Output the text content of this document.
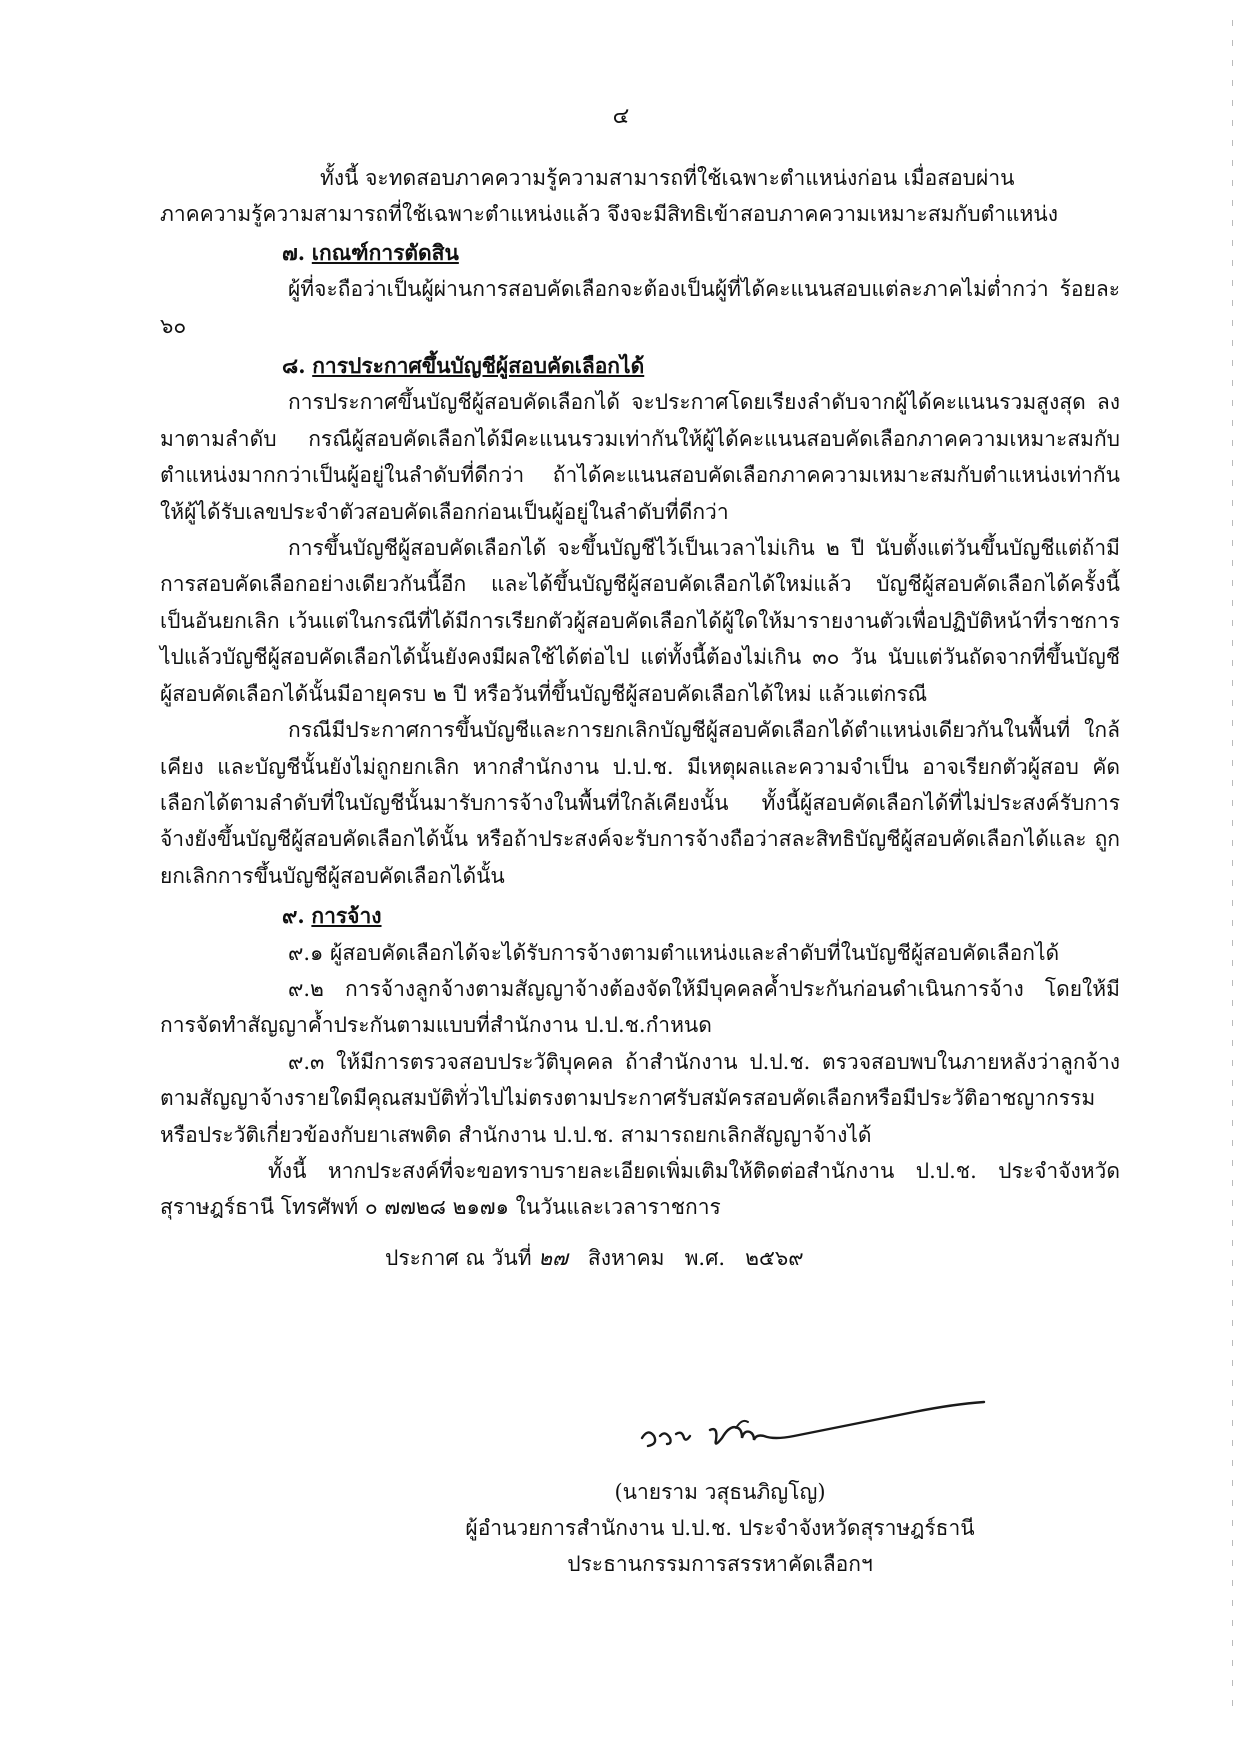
๔

ทั้งนี้ จะทดสอบภาคความรู้ความสามารถที่ใช้เฉพาะตำแหน่งก่อน เมื่อสอบผ่าน

ภาคความรู้ความสามารถที่ใช้เฉพาะตำแหน่งแล้ว จึงจะมีสิทธิเข้าสอบภาคความเหมาะสมกับตำแหน่ง

๗. เกณฑ์การตัดสิน

ผู้ที่จะถือว่าเป็นผู้ผ่านการสอบคัดเลือกจะต้องเป็นผู้ที่ได้คะแนนสอบแต่ละภาคไม่ต่ำกว่า ร้อยละ ๖๐

๘. การประกาศขึ้นบัญชีผู้สอบคัดเลือกได้

การประกาศขึ้นบัญชีผู้สอบคัดเลือกได้ จะประกาศโดยเรียงลำดับจากผู้ได้คะแนนรวมสูงสุด ลงมาตามลำดับ กรณีผู้สอบคัดเลือกได้มีคะแนนรวมเท่ากันให้ผู้ได้คะแนนสอบคัดเลือกภาคความเหมาะสมกับตำแหน่งมากกว่าเป็นผู้อยู่ในลำดับที่ดีกว่า ถ้าได้คะแนนสอบคัดเลือกภาคความเหมาะสมกับตำแหน่งเท่ากัน ให้ผู้ได้รับเลขประจำตัวสอบคัดเลือกก่อนเป็นผู้อยู่ในลำดับที่ดีกว่า

การขึ้นบัญชีผู้สอบคัดเลือกได้ จะขึ้นบัญชีไว้เป็นเวลาไม่เกิน ๒ ปี นับตั้งแต่วันขึ้นบัญชีแต่ถ้ามี การสอบคัดเลือกอย่างเดียวกันนี้อีก และได้ขึ้นบัญชีผู้สอบคัดเลือกได้ใหม่แล้ว บัญชีผู้สอบคัดเลือกได้ครั้งนี้ เป็นอันยกเลิก เว้นแต่ในกรณีที่ได้มีการเรียกตัวผู้สอบคัดเลือกได้ผู้ใดให้มารายงานตัวเพื่อปฏิบัติหน้าที่ราชการ ไปแล้วบัญชีผู้สอบคัดเลือกได้นั้นยังคงมีผลใช้ได้ต่อไป แต่ทั้งนี้ต้องไม่เกิน ๓๐ วัน นับแต่วันถัดจากที่ขึ้นบัญชี ผู้สอบคัดเลือกได้นั้นมีอายุครบ ๒ ปี หรือวันที่ขึ้นบัญชีผู้สอบคัดเลือกได้ใหม่ แล้วแต่กรณี

กรณีมีประกาศการขึ้นบัญชีและการยกเลิกบัญชีผู้สอบคัดเลือกได้ตำแหน่งเดียวกันในพื้นที่ ใกล้เคียง และบัญชีนั้นยังไม่ถูกยกเลิก หากสำนักงาน ป.ป.ช. มีเหตุผลและความจำเป็น อาจเรียกตัวผู้สอบ คัดเลือกได้ตามลำดับที่ในบัญชีนั้นมารับการจ้างในพื้นที่ใกล้เคียงนั้น ทั้งนี้ผู้สอบคัดเลือกได้ที่ไม่ประสงค์รับการ จ้างยังขึ้นบัญชีผู้สอบคัดเลือกได้นั้น หรือถ้าประสงค์จะรับการจ้างถือว่าสละสิทธิบัญชีผู้สอบคัดเลือกได้และ ถูกยกเลิกการขึ้นบัญชีผู้สอบคัดเลือกได้นั้น

๙. การจ้าง

๙.๑ ผู้สอบคัดเลือกได้จะได้รับการจ้างตามตำแหน่งและลำดับที่ในบัญชีผู้สอบคัดเลือกได้

๙.๒ การจ้างลูกจ้างตามสัญญาจ้างต้องจัดให้มีบุคคลค้ำประกันก่อนดำเนินการจ้าง โดยให้มี การจัดทำสัญญาค้ำประกันตามแบบที่สำนักงาน ป.ป.ช.กำหนด

๙.๓ ให้มีการตรวจสอบประวัติบุคคล ถ้าสำนักงาน ป.ป.ช. ตรวจสอบพบในภายหลังว่าลูกจ้าง ตามสัญญาจ้างรายใดมีคุณสมบัติทั่วไปไม่ตรงตามประกาศรับสมัครสอบคัดเลือกหรือมีประวัติอาชญากรรม หรือประวัติเกี่ยวข้องกับยาเสพติด สำนักงาน ป.ป.ช. สามารถยกเลิกสัญญาจ้างได้

ทั้งนี้ หากประสงค์ที่จะขอทราบรายละเอียดเพิ่มเติมให้ติดต่อสำนักงาน ป.ป.ช. ประจำจังหวัด สุราษฎร์ธานี โทรศัพท์ ๐ ๗๗๒๘ ๒๑๗๑ ในวันและเวลาราชการ

ประกาศ ณ วันที่ ๒๗ สิงหาคม พ.ศ. ๒๕๖๙

(นายราม วสุธนภิญโญ)
ผู้อำนวยการสำนักงาน ป.ป.ช. ประจำจังหวัดสุราษฎร์ธานี
ประธานกรรมการสรรหาคัดเลือกฯ
